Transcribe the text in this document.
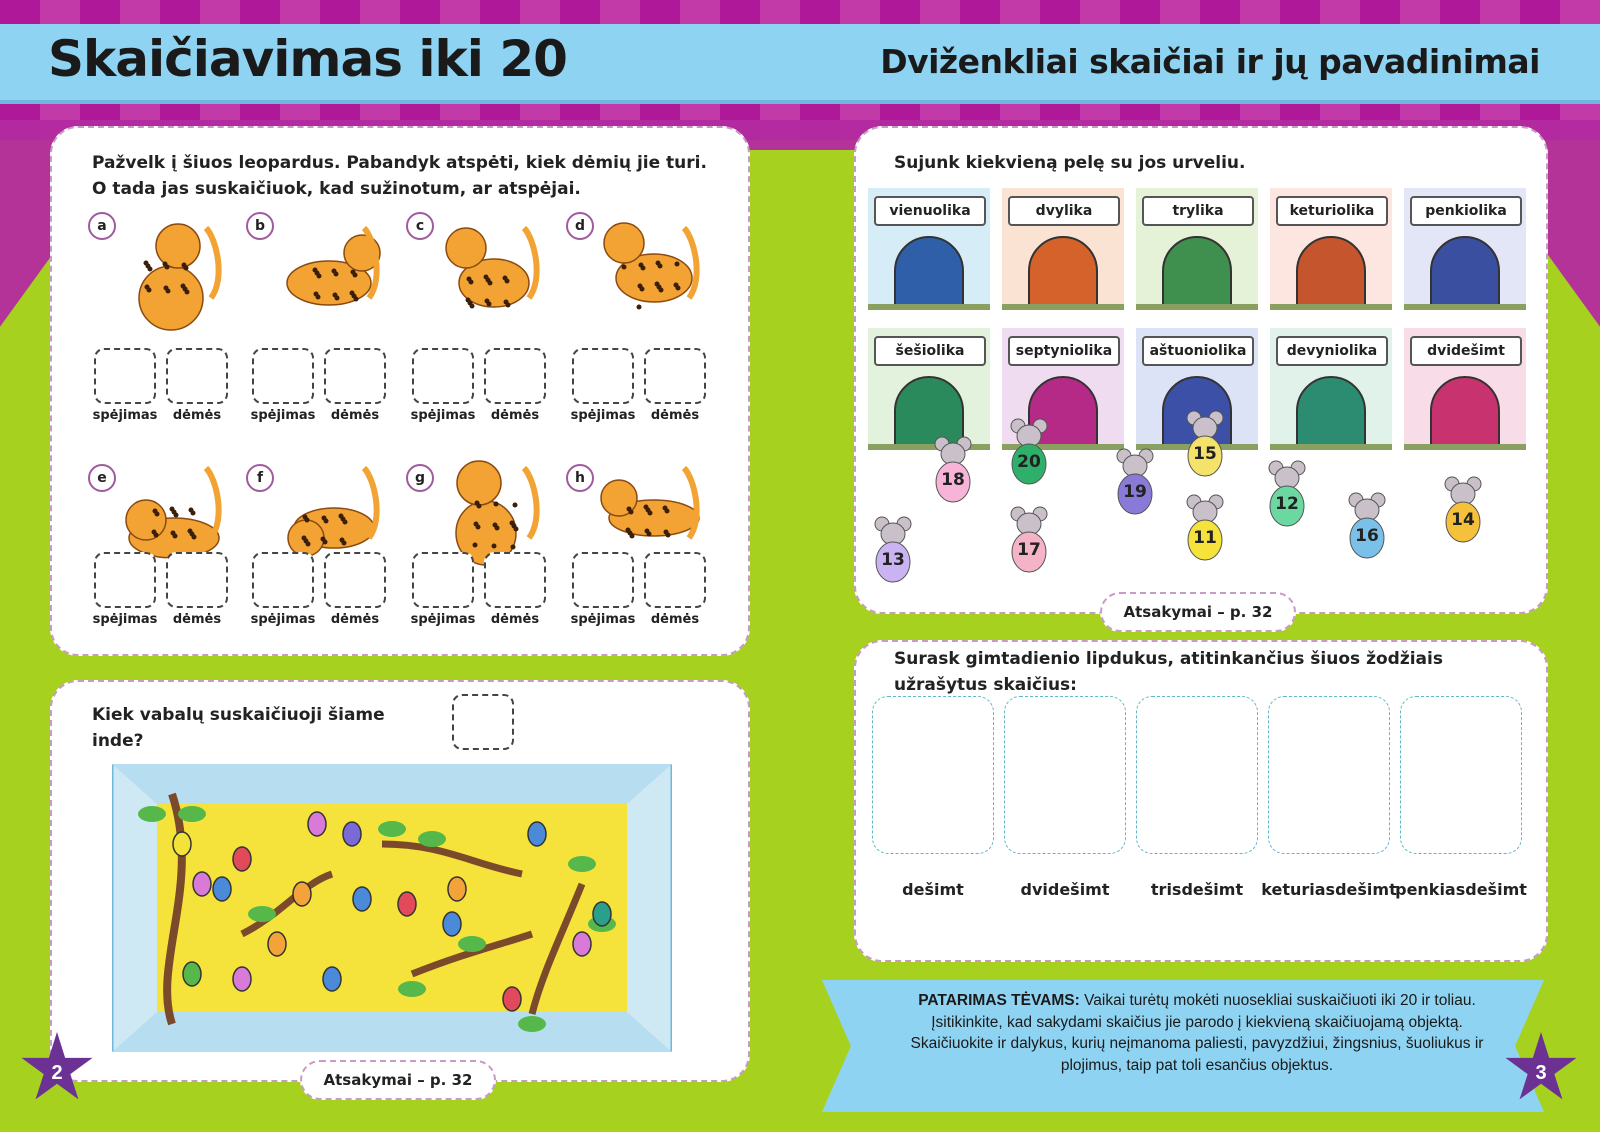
Skaičiavimas iki 20	Dviženkliai skaičiai ir jų pavadinimai
Pažvelk į šiuos leopardus. Pabandyk atspėti, kiek dėmių jie turi.
O tada jas suskaičiuok, kad sužinotum, ar atspėjai.
a
spėjimas	dėmės
b
spėjimas	dėmės
c
spėjimas	dėmės
d
spėjimas	dėmės
e
spėjimas	dėmės
f
spėjimas	dėmės
g
spėjimas	dėmės
h
spėjimas	dėmės
Kiek vabalų suskaičiuoji šiame
inde?
Atsakymai – p. 32
Sujunk kiekvieną pelę su jos urveliu.
vienuolika	dvylika	trylika	keturiolika	penkiolika
šešiolika	septyniolika	aštuoniolika	devyniolika	dvidešimt
18
20
19
15
13	17
11
12
16
14
Atsakymai – p. 32
Surask gimtadienio lipdukus, atitinkančius šiuos žodžiais
užrašytus skaičius:
dešimt	dvidešimt	trisdešimt	keturiasdešimt
penkiasdešimt
PATARIMAS TĖVAMS: Vaikai turėtų mokėti nuosekliai suskaičiuoti iki 20 ir toliau. Įsitikinkite, kad sakydami skaičius jie parodo į kiekvieną skaičiuojamą objektą. Skaičiuokite ir dalykus, kurių neįmanoma paliesti, pavyzdžiui, žingsnius, šuoliukus ir plojimus, taip pat toli esančius objektus.
2	3
